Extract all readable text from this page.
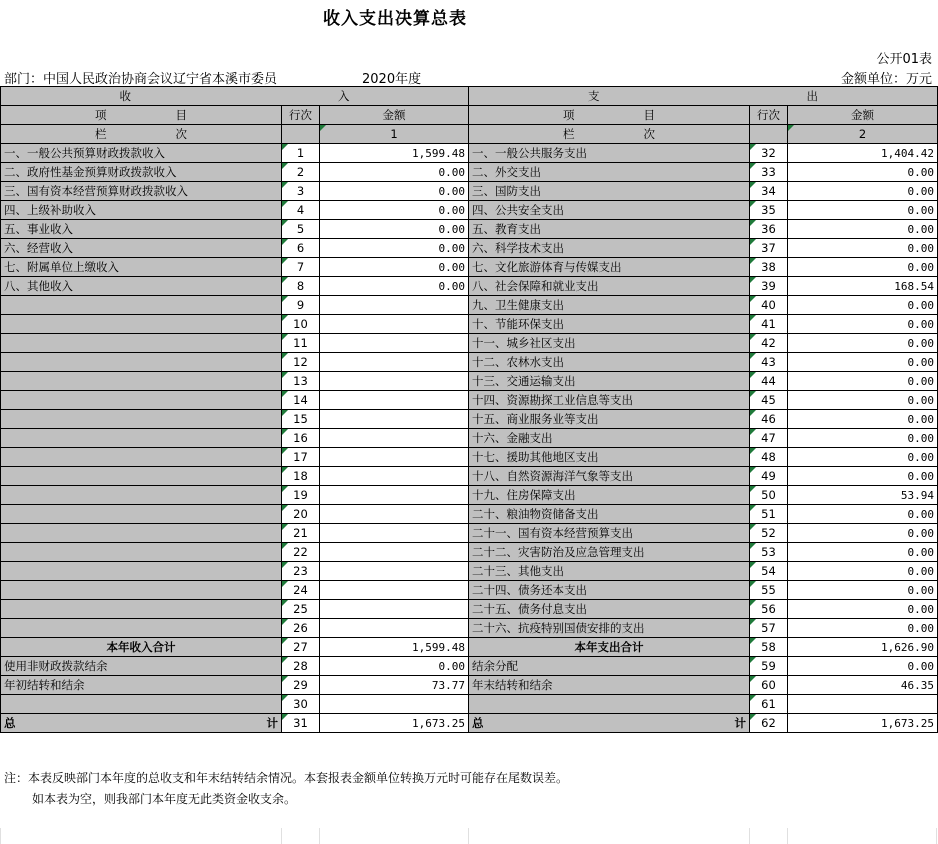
收入支出决算总表
公开01表
部门：中国人民政治协商会议辽宁省本溪市委员	2020年度	金额单位：万元
收　　　　　　　　　　　　　　　　　　入			支　　　　　　　　　　　　　　　　　　出		
项　　　　　　目	行次	金额	项　　　　　　目	行次	金额
栏　　　　　　次		1	栏　　　　　　次		2
一、一般公共预算财政拨款收入	1	1,599.48	一、一般公共服务支出	32	1,404.42
二、政府性基金预算财政拨款收入	2	0.00	二、外交支出	33	0.00
三、国有资本经营预算财政拨款收入	3	0.00	三、国防支出	34	0.00
四、上级补助收入	4	0.00	四、公共安全支出	35	0.00
五、事业收入	5	0.00	五、教育支出	36	0.00
六、经营收入	6	0.00	六、科学技术支出	37	0.00
七、附属单位上缴收入	7	0.00	七、文化旅游体育与传媒支出	38	0.00
八、其他收入	8	0.00	八、社会保障和就业支出	39	168.54
	9		九、卫生健康支出	40	0.00
	10		十、节能环保支出	41	0.00
	11		十一、城乡社区支出	42	0.00
	12		十二、农林水支出	43	0.00
	13		十三、交通运输支出	44	0.00
	14		十四、资源勘探工业信息等支出	45	0.00
	15		十五、商业服务业等支出	46	0.00
	16		十六、金融支出	47	0.00
	17		十七、援助其他地区支出	48	0.00
	18		十八、自然资源海洋气象等支出	49	0.00
	19		十九、住房保障支出	50	53.94
	20		二十、粮油物资储备支出	51	0.00
	21		二十一、国有资本经营预算支出	52	0.00
	22		二十二、灾害防治及应急管理支出	53	0.00
	23		二十三、其他支出	54	0.00
	24		二十四、债务还本支出	55	0.00
	25		二十五、债务付息支出	56	0.00
	26		二十六、抗疫特别国债安排的支出	57	0.00
本年收入合计	27	1,599.48	本年支出合计	58	1,626.90
使用非财政拨款结余	28	0.00	结余分配	59	0.00
年初结转和结余	29	73.77	年末结转和结余	60	46.35
	30			61	
总　　　　　计	31	1,673.25	总　　　　　计	62	1,673.25
注：本表反映部门本年度的总收支和年末结转结余情况。本套报表金额单位转换万元时可能存在尾数误差。
如本表为空，则我部门本年度无此类资金收支余。
